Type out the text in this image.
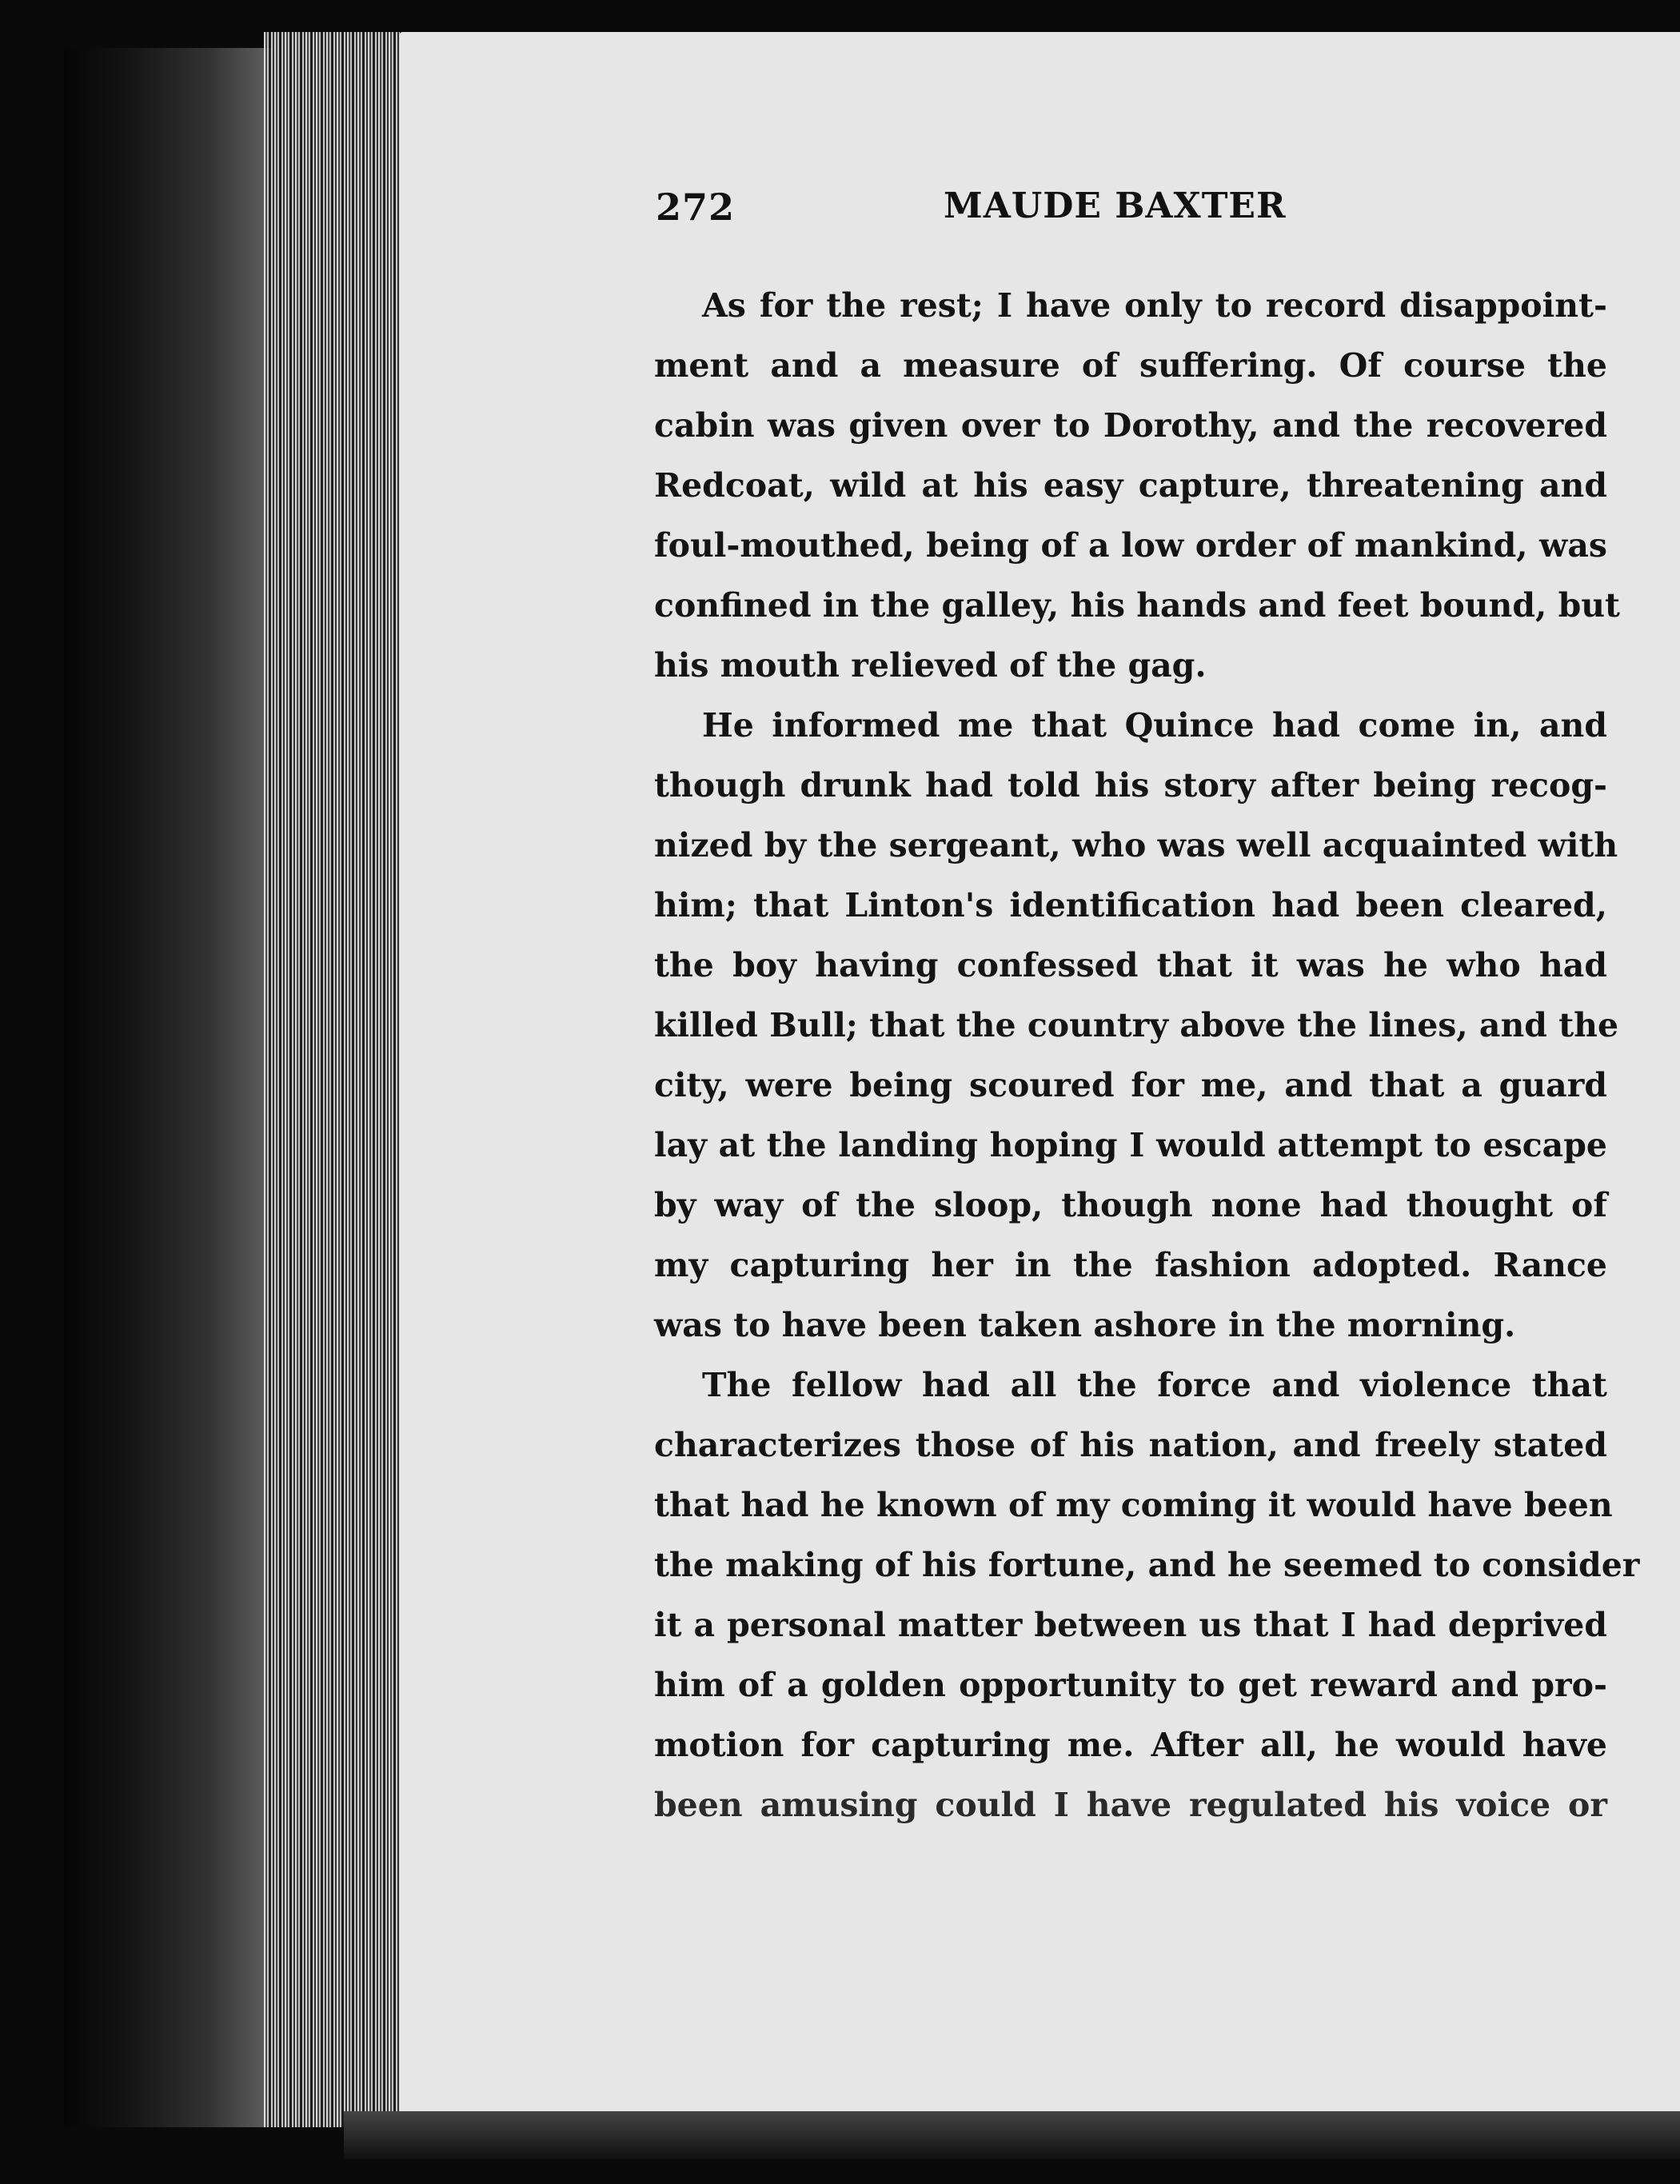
272	MAUDE BAXTER
As for the rest; I have only to record disappoint-
ment and a measure of suffering. Of course the
cabin was given over to Dorothy, and the recovered
Redcoat, wild at his easy capture, threatening and
foul-mouthed, being of a low order of mankind, was
confined in the galley, his hands and feet bound, but
his mouth relieved of the gag.
He informed me that Quince had come in, and
though drunk had told his story after being recog-
nized by the sergeant, who was well acquainted with
him; that Linton's identification had been cleared,
the boy having confessed that it was he who had
killed Bull; that the country above the lines, and the
city, were being scoured for me, and that a guard
lay at the landing hoping I would attempt to escape
by way of the sloop, though none had thought of
my capturing her in the fashion adopted. Rance
was to have been taken ashore in the morning.
The fellow had all the force and violence that
characterizes those of his nation, and freely stated
that had he known of my coming it would have been
the making of his fortune, and he seemed to consider
it a personal matter between us that I had deprived
him of a golden opportunity to get reward and pro-
motion for capturing me. After all, he would have
been amusing could I have regulated his voice or
